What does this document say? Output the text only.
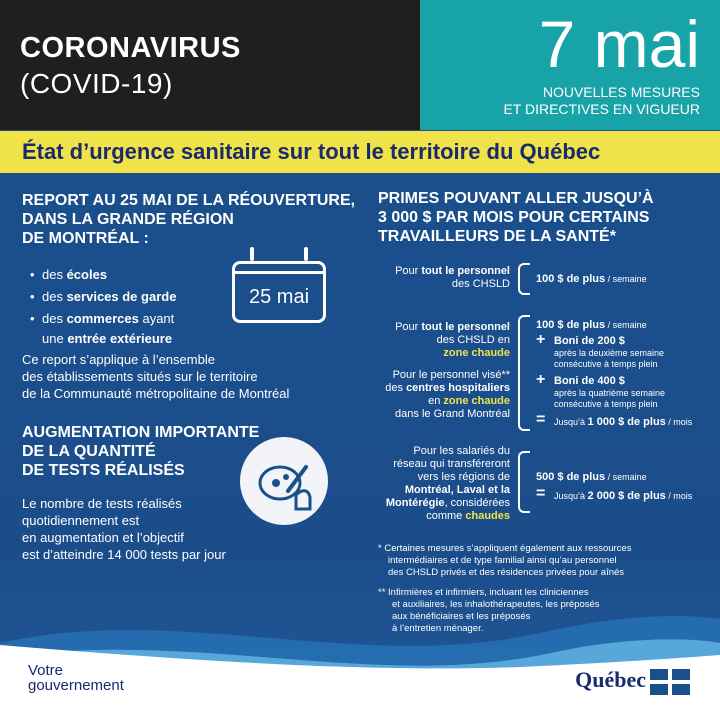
CORONAVIRUS
(COVID-19)
7 mai
NOUVELLES MESURES
ET DIRECTIVES EN VIGUEUR
État d’urgence sanitaire sur tout le territoire du Québec
REPORT AU 25 MAI DE LA RÉOUVERTURE,
DANS LA GRANDE RÉGION
DE MONTRÉAL :
• des écoles
• des services de garde
• des commerces ayant
une entrée extérieure
25 mai
Ce report s’applique à l’ensemble
des établissements situés sur le territoire
de la Communauté métropolitaine de Montréal
AUGMENTATION IMPORTANTE
DE LA QUANTITÉ
DE TESTS RÉALISÉS
Le nombre de tests réalisés
quotidiennement est
en augmentation et l’objectif
est d’atteindre 14 000 tests par jour
PRIMES POUVANT ALLER JUSQU’À
3 000 $ PAR MOIS POUR CERTAINS
TRAVAILLEURS DE LA SANTÉ*
Pour tout le personnel
des CHSLD 100 $ de plus / semaine
Pour tout le personnel
des CHSLD en
zone chaude
Pour le personnel visé**
des centres hospitaliers
en zone chaude
dans le Grand Montréal
100 $ de plus / semaine
+ Boni de 200 $
après la deuxième semaine
consécutive à temps plein
+ Boni de 400 $
après la quatrième semaine
consécutive à temps plein
= Jusqu’à 1 000 $ de plus / mois
Pour les salariés du
réseau qui transféreront
vers les régions de
Montréal, Laval et la
Montérégie, considérées
comme chaudes
500 $ de plus / semaine
= Jusqu’à 2 000 $ de plus / mois
* Certaines mesures s’appliquent également aux ressources
intermédiaires et de type familial ainsi qu’au personnel
des CHSLD privés et des résidences privées pour aînés
** Infirmières et infirmiers, incluant les cliniciennes
et auxiliaires, les inhalothérapeutes, les préposés
aux bénéficiaires et les préposés
à l’entretien ménager.
Votre
gouvernement	Québec
